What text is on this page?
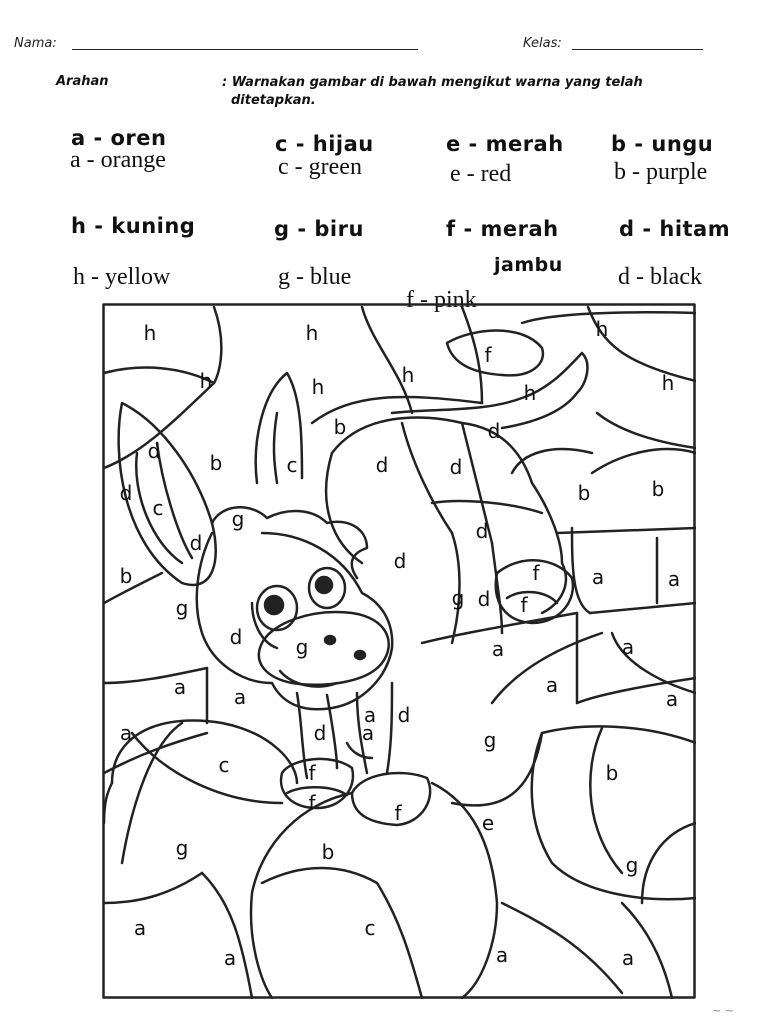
Nama:	Kelas:
Arahan	: Warnakan gambar di bawah mengikut warna yang telah
ditetapkan.
a - oren
a - orange
c - hijau
c - green
e - merah
e - red
b - ungu
b - purple
h - kuning
h - yellow
g - biru
g - blue
f - merah
jambu
f - pink
d - hitam
d - black
h	h	h
h	h	h
h
f
h
d
b
d
d
c
b	d
c
d
g
d
d
d
b	b
b
g
d
g
g
d
f
f
a a
a	a
a	a
a
a
a
a
d a
d
g
c	b
f
f	f
g	b
e
g
a
a
c
a	a
~ ~
